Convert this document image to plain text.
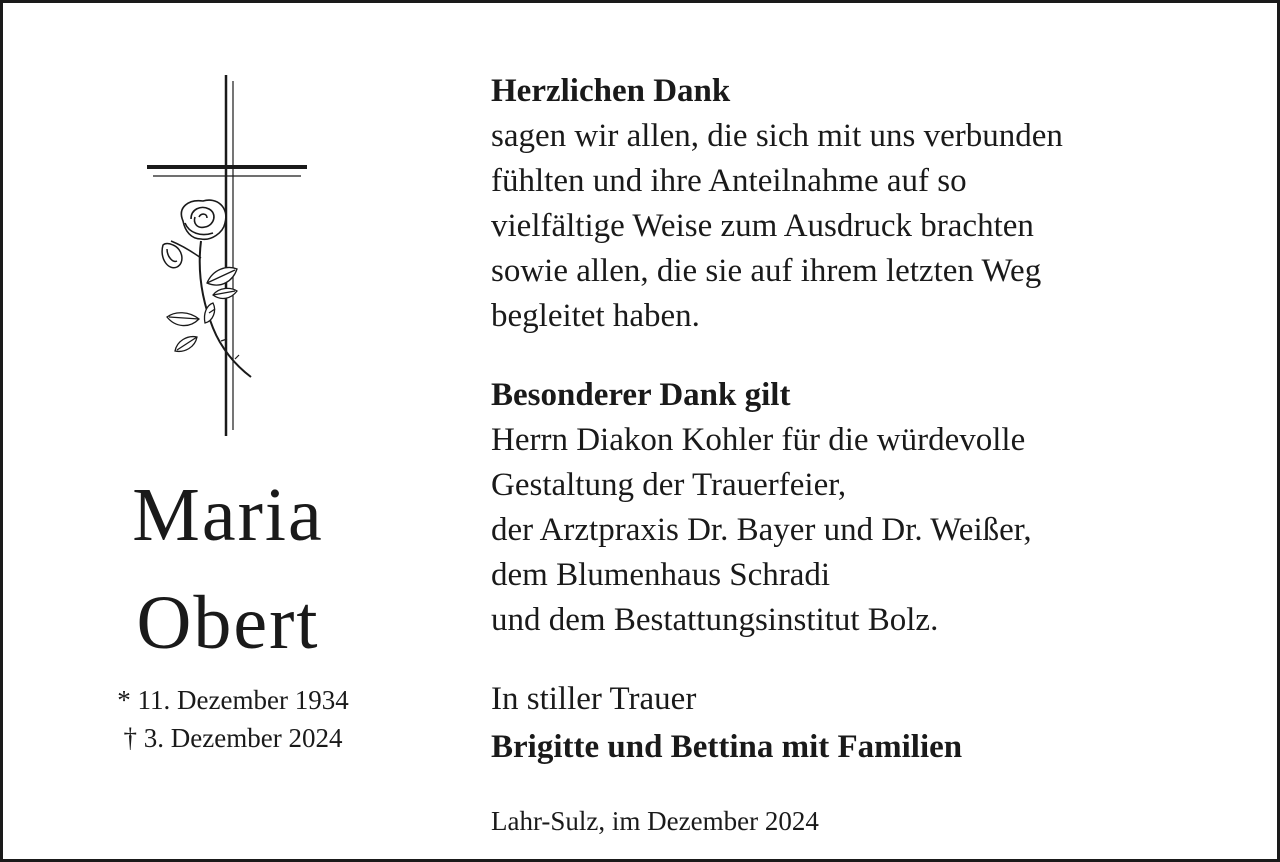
Maria
Obert
* 11. Dezember 1934
† 3. Dezember 2024
Herzlichen Dank
sagen wir allen, die sich mit uns verbunden
fühlten und ihre Anteilnahme auf so
vielfältige Weise zum Ausdruck brachten
sowie allen, die sie auf ihrem letzten Weg
begleitet haben.
Besonderer Dank gilt
Herrn Diakon Kohler für die würdevolle
Gestaltung der Trauerfeier,
der Arztpraxis Dr. Bayer und Dr. Weißer,
dem Blumenhaus Schradi
und dem Bestattungsinstitut Bolz.
In stiller Trauer
Brigitte und Bettina mit Familien
Lahr-Sulz, im Dezember 2024
